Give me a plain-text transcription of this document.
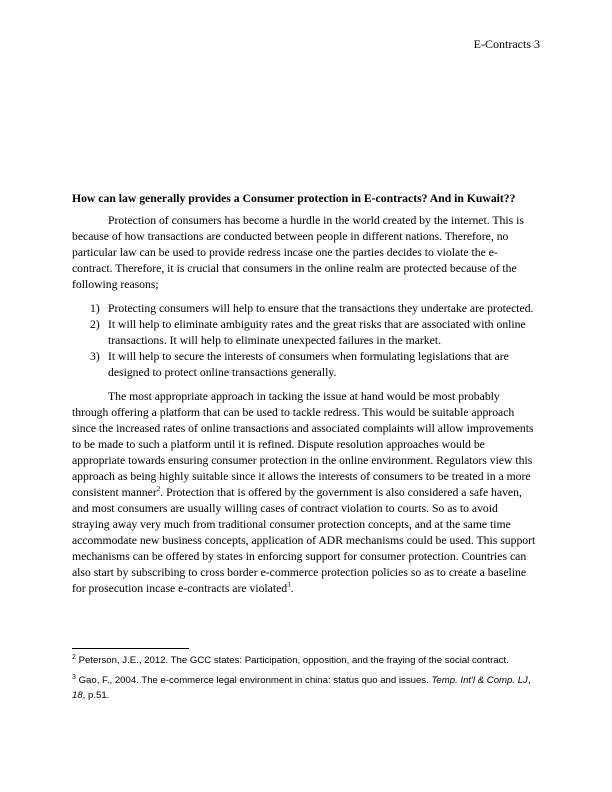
E-Contracts 3

How can law generally provides a Consumer protection in E-contracts? And in Kuwait??

Protection of consumers has become a hurdle in the world created by the internet. This is because of how transactions are conducted between people in different nations. Therefore, no particular law can be used to provide redress incase one the parties decides to violate the e-contract. Therefore, it is crucial that consumers in the online realm are protected because of the following reasons;

1) Protecting consumers will help to ensure that the transactions they undertake are protected.
2) It will help to eliminate ambiguity rates and the great risks that are associated with online transactions. It will help to eliminate unexpected failures in the market.
3) It will help to secure the interests of consumers when formulating legislations that are designed to protect online transactions generally.

The most appropriate approach in tacking the issue at hand would be most probably through offering a platform that can be used to tackle redress. This would be suitable approach since the increased rates of online transactions and associated complaints will allow improvements to be made to such a platform until it is refined. Dispute resolution approaches would be appropriate towards ensuring consumer protection in the online environment. Regulators view this approach as being highly suitable since it allows the interests of consumers to be treated in a more consistent manner$^2$. Protection that is offered by the government is also considered a safe haven, and most consumers are usually willing cases of contract violation to courts. So as to avoid straying away very much from traditional consumer protection concepts, and at the same time accommodate new business concepts, application of ADR mechanisms could be used. This support mechanisms can be offered by states in enforcing support for consumer protection. Countries can also start by subscribing to cross border e-commerce protection policies so as to create a baseline for prosecution incase e-contracts are violated$^3$.

$^2$ Peterson, J.E., 2012. The GCC states: Participation, opposition, and the fraying of the social contract.

$^3$ Gao, F., 2004. The e-commerce legal environment in china: status quo and issues. Temp. Int'l & Comp. LJ, 18, p.51.
